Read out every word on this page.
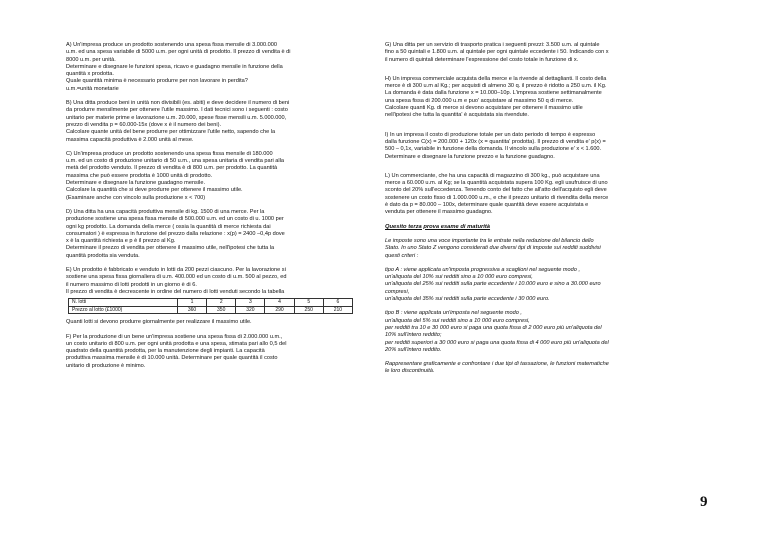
A) Un'impresa produce un prodotto sostenendo una spesa fissa mensile di 3.000.000

u.m. ed una spesa variabile di 5000 u.m. per ogni unità di prodotto. Il prezzo di vendita è di

8000 u.m. per unità.

Determinare e disegnare le funzioni spesa, ricavo e guadagno mensile in funzione della

quantità x prodotta.

Quale quantità minima è necessario produrre per non lavorare in perdita?

u.m.=unità monetarie

B) Una ditta produce beni in unità non divisibili (es. abiti) e deve decidere il numero di beni

da produrre mensilmente per ottenere l'utile massimo. I dati tecnici sono i seguenti : costo

unitario per materie prime e lavorazione u.m. 20.000, spese fisse mensili u.m. 5.000.000,

prezzo di vendita p = 60.000-15x (dove x è il numero dei beni).

Calcolare quante unità del bene produrre per ottimizzare l'utile netto, sapendo che la

massima capacità produttiva è 2.000 unità al mese.

C) Un'impresa produce un prodotto sostenendo una spesa fissa mensile di 180.000

u.m. ed un costo di produzione unitario di 50 u.m., una spesa unitaria di vendita pari alla

metà del prodotto venduto. Il prezzo di vendita è di 800 u.m. per prodotto. La quantità

massima che può essere prodotta è 1000 unità di prodotto.

Determinare e disegnare la funzione guadagno mensile.

Calcolare la quantità che si deve produrre per ottenere il massimo utile.

(Esaminare anche con vincolo sulla produzione x < 700)

D) Una ditta ha una capacità produttiva mensile di kg. 1500 di una merce. Per la

produzione sostiene una spesa fissa mensile di 500.000 u.m. ed un costo di u. 1000 per

ogni kg prodotto. La domanda della merce ( ossia la quantità di merce richiesta dai

consumatori ) è espressa in funzione del prezzo dalla relazione : x(p) = 2400 –0,4p dove

x è la quantità richiesta e p è il prezzo al Kg.

Determinare il prezzo di vendita per ottenere il massimo utile, nell'ipotesi che tutta la

quantità prodotta sia venduta.

E) Un prodotto è fabbricato e venduto in lotti da 200 pezzi ciascuno. Per la lavorazione si

sostiene una spesa fissa giornaliera di u.m. 400.000 ed un costo di u.m. 500 al pezzo, ed

il numero massimo di lotti prodotti in un giorno è di 6.

Il prezzo di vendita è decrescente in ordine del numero di lotti venduti secondo la tabella

N. lotti	1	2	3	4	5	6
Prezzo al lotto (£1000)	360	350	320	290	250	210

Quanti lotti si devono produrre giornalmente per realizzare il massimo utile.

F) Per la produzione di un bene un'impresa sostiene una spesa fissa di 2.000.000 u.m.,

un costo unitario di 800 u.m. per ogni unità prodotta e una spesa, stimata pari allo 0,5 del

quadrato della quantità prodotta, per la manutenzione degli impianti. La capacità

produttiva massima mensile è di 10.000 unità. Determinare per quale quantità il costo

unitario di produzione è minimo.

G) Una ditta per un servizio di trasporto pratica i seguenti prezzi: 3.500 u.m. al quintale

fino a 50 quintali e 1.800 u.m. al quintale per ogni quintale eccedente i 50. Indicando con x

il numero di quintali determinare l'espressione del costo totale in funzione di x.

H) Un impresa commerciale acquista della merce e la rivende al dettaglianti. Il costo della

merce è di 300 u.m al Kg.; per acquisti di almeno 30 q. il prezzo è ridotto a 250 u.m. il Kg.

La domanda è data dalla funzione x = 10.000–10p. L'impresa sostiene settimanalmente

una spesa fissa di 200.000 u.m e puo' acquistare al massimo 50 q di merce.

Calcolare quanti Kg. di merce si devono acquistare per ottenere il massimo utile

nell'ipotesi che tutta la quantita' è acquistata sia rivendute.

I) In un impresa il costo di produzione totale per un dato periodo di tempo è espresso

dalla funzione C(x) = 200.000 + 120x (x = quantita' prodotta). Il prezzo di vendita e' p(x) =

500 – 0,1x, variabile in funzione della domanda. Il vincolo sulla produzione e' x < 1.600.

Determinare e disegnare la funzione prezzo e la funzione guadagno.

L) Un commerciante, che ha una capacità di magazzino di 300 kg., può acquistare una

merce a 60.000 u.m. al Kg; se la quantità acquistata supera 100 Kg. egli usufruisce di uno

sconto del 20% sull'eccedenza. Tenendo conto del fatto che all'atto dell'acquisto egli deve

sostenere un costo fisso di 1.000.000 u.m., e che il prezzo unitario di rivendita della merce

è dato da p = 80.000 – 100x, determinare quale quantità deve essere acquistata e

venduta per ottenere il massimo guadagno.

Quesito terza prova esame di maturità

Le imposte sono una voce importante tra le entrate nella redazione del bilancio dello

Stato. In uno Stato Z vengono considerati due diversi tipi di imposte sui redditi suddivisi

questi criteri :

tipo A : viene applicata un'imposta progressiva a scaglioni nel seguente modo ,

un'aliquota del 10% sui redditi sino a 10 000 euro compresi,

un'aliquota del 25% sui redditi sulla parte eccedente i 10.000 euro e sino a 30.000 euro

compresi,

un'aliquota del 35% sui redditi sulla parte eccedente i 30 000 euro.

tipo B : viene applicata un'imposta nel seguente modo ,

un'aliquota del 5% sui redditi sino a 10 000 euro compresi,

per redditi tra 10 e 30 000 euro si paga una quota fissa di 2 000 euro più un'aliquota del

10% sull'intero reddito;

per redditi superiori a 30 000 euro si paga una quota fissa di 4 000 euro più un'aliquota del

20% sull'intero reddito.

Rappresentare graficamente e confrontare i due tipi di tassazione, le funzioni matematiche

le loro discontinuità.

9
